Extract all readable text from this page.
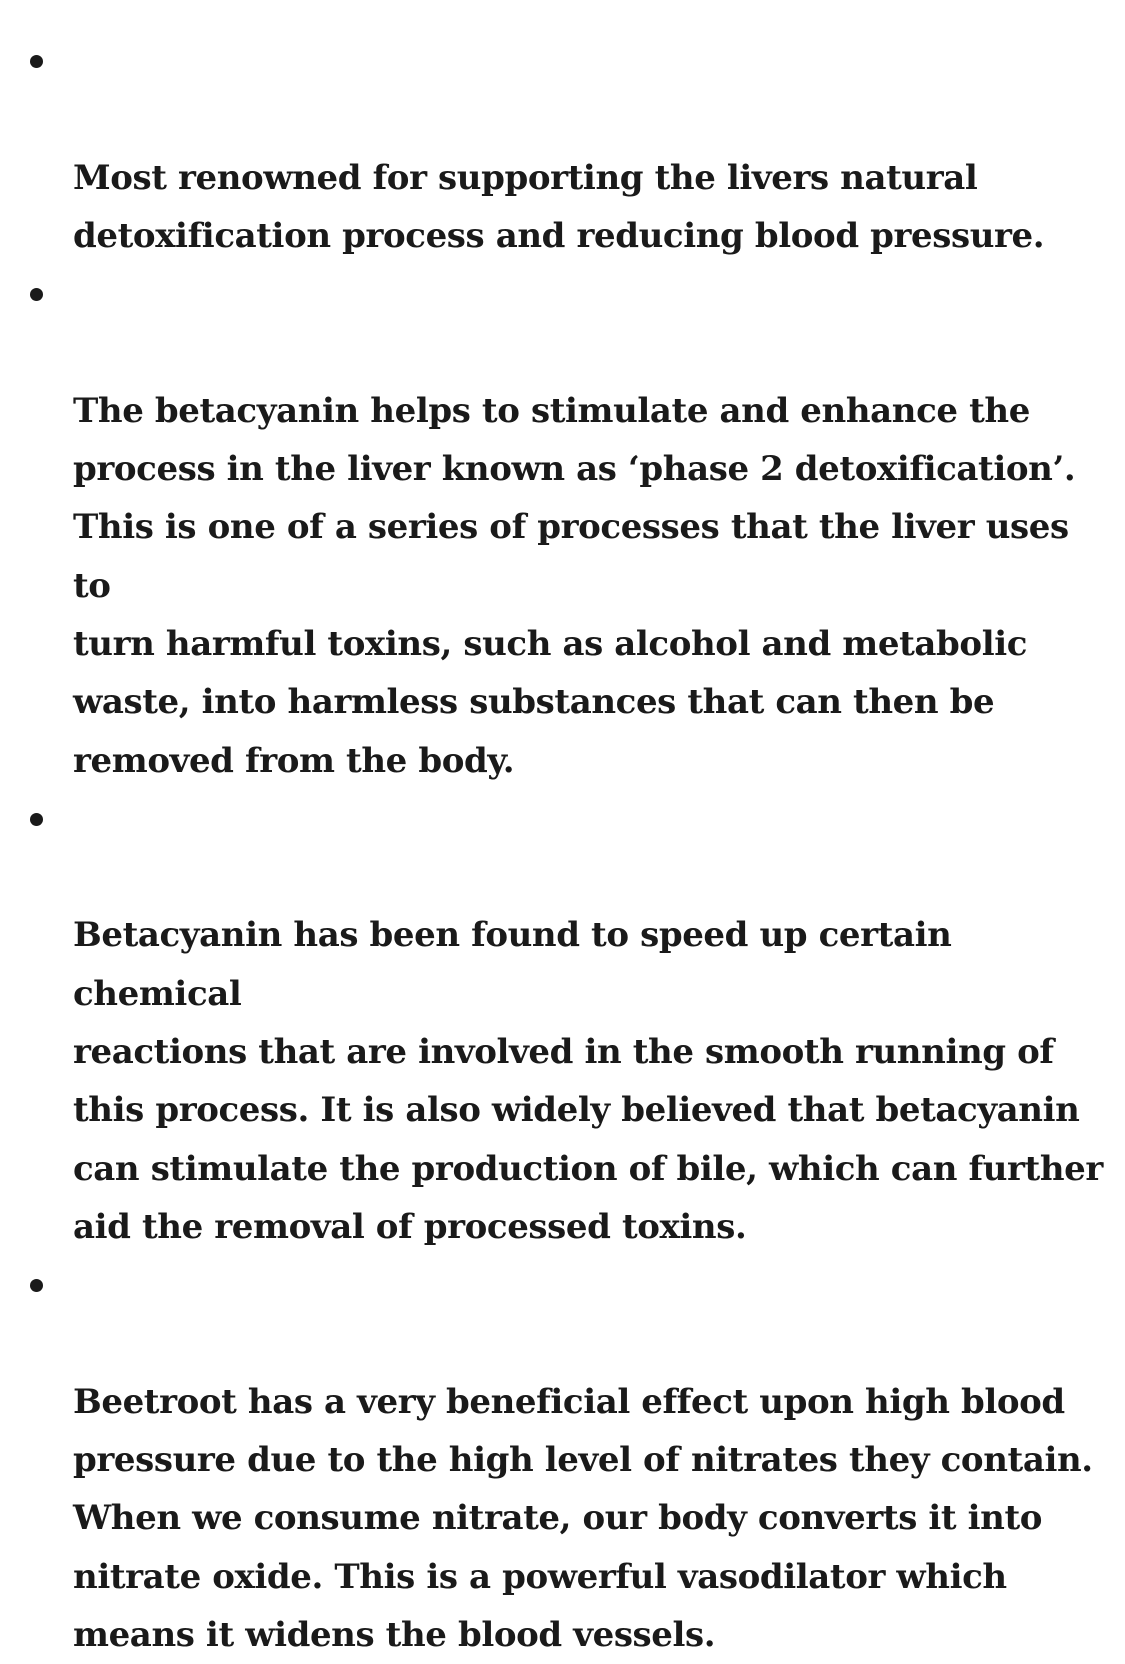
Most renowned for supporting the livers natural
detoxification process and reducing blood pressure.

The betacyanin helps to stimulate and enhance the
process in the liver known as ‘phase 2 detoxification’.
This is one of a series of processes that the liver uses to
turn harmful toxins, such as alcohol and metabolic
waste, into harmless substances that can then be
removed from the body.

Betacyanin has been found to speed up certain chemical
reactions that are involved in the smooth running of
this process. It is also widely believed that betacyanin
can stimulate the production of bile, which can further
aid the removal of processed toxins.

Beetroot has a very beneficial effect upon high blood
pressure due to the high level of nitrates they contain.
When we consume nitrate, our body converts it into
nitrate oxide. This is a powerful vasodilator which
means it widens the blood vessels.
